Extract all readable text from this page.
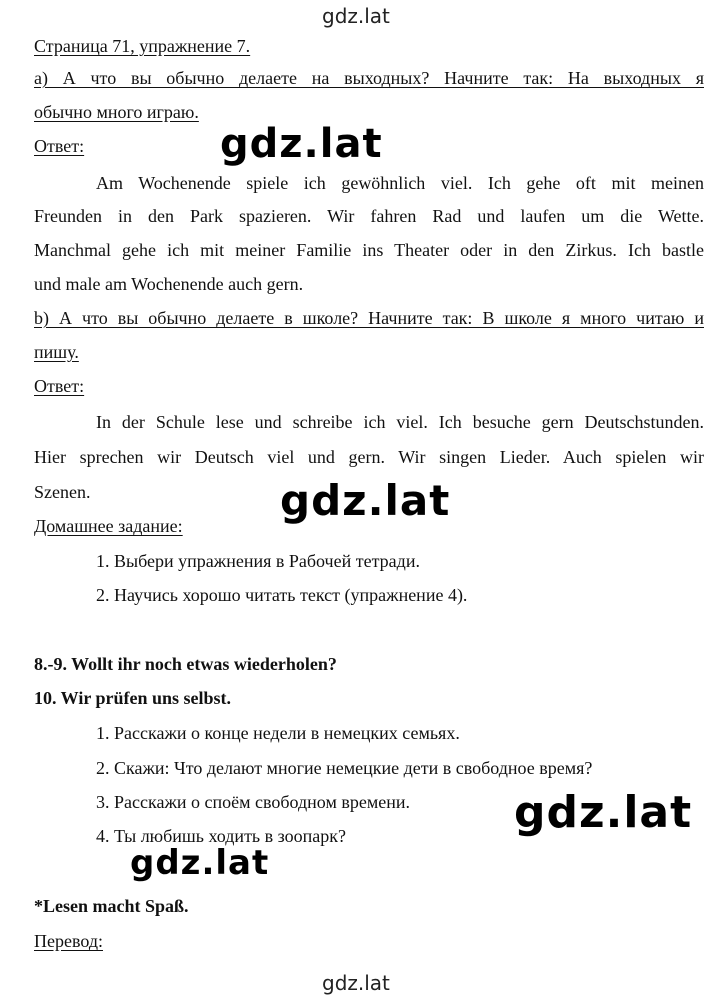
gdz.lat
gdz.lat
gdz.lat
gdz.lat
gdz.lat
gdz.lat
Страница 71, упражнение 7.
а) А что вы обычно делаете на выходных? Начните так: На выходных я
обычно много играю.
Ответ:
Am Wochenende spiele ich gewöhnlich viel. Ich gehe oft mit meinen
Freunden in den Park spazieren. Wir fahren Rad und laufen um die Wette.
Manchmal gehe ich mit meiner Familie ins Theater oder in den Zirkus. Ich bastle
und male am Wochenende auch gern.
b) А что вы обычно делаете в школе? Начните так: В школе я много читаю и
пишу.
Ответ:
In der Schule lese und schreibe ich viel. Ich besuche gern Deutschstunden.
Hier sprechen wir Deutsch viel und gern. Wir singen Lieder. Auch spielen wir
Szenen.
Домашнее задание:
1. Выбери упражнения в Рабочей тетради.
2. Научись хорошо читать текст (упражнение 4).
8.-9. Wollt ihr noch etwas wiederholen?
10. Wir prüfen uns selbst.
1. Расскажи о конце недели в немецких семьях.
2. Скажи: Что делают многие немецкие дети в свободное время?
3. Расскажи о споём свободном времени.
4. Ты любишь ходить в зоопарк?
*Lesen macht Spaß.
Перевод:
